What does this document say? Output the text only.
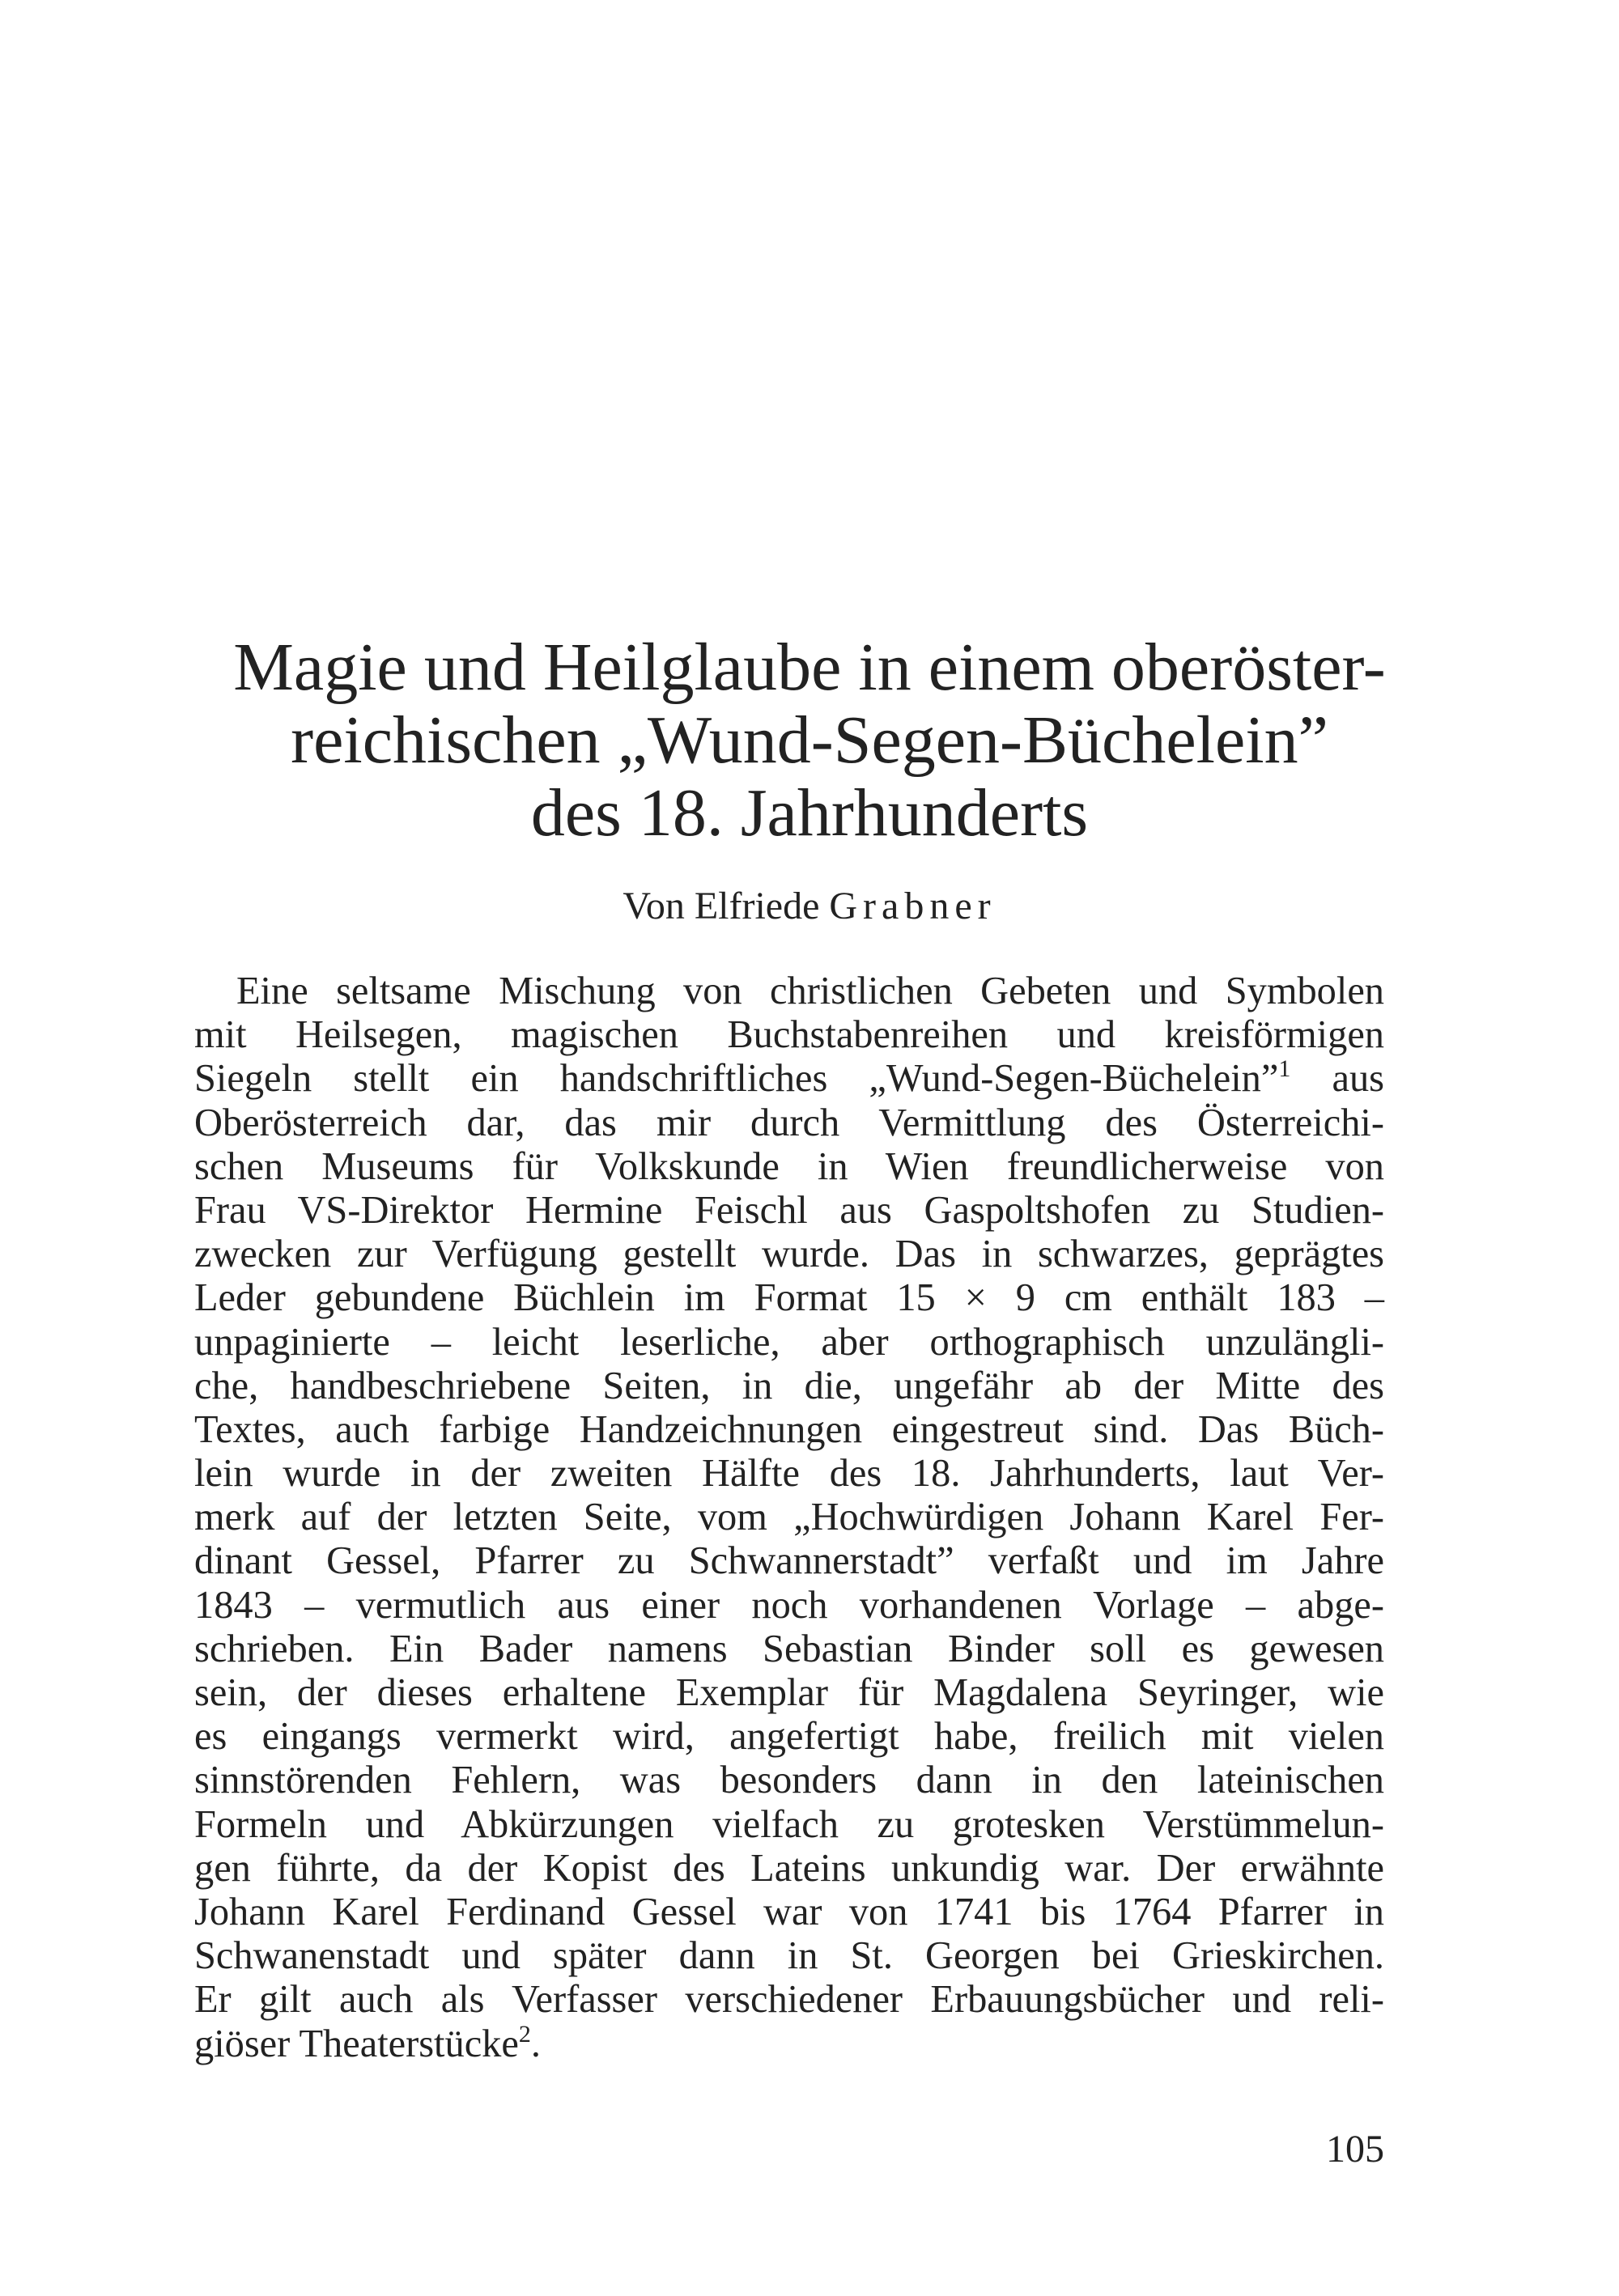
Magie und Heilglaube in einem oberöster-
reichischen „Wund-Segen-Bücheleinˮ
des 18. Jahrhunderts
Von Elfriede Grabner
Eine seltsame Mischung von christlichen Gebeten und Symbolen
mit Heilsegen, magischen Buchstabenreihen und kreisförmigen
Siegeln stellt ein handschriftliches „Wund-Segen-Bücheleinˮ$^1$ aus
Oberösterreich dar, das mir durch Vermittlung des Österreichi-
schen Museums für Volkskunde in Wien freundlicherweise von
Frau VS-Direktor Hermine Feischl aus Gaspoltshofen zu Studien-
zwecken zur Verfügung gestellt wurde. Das in schwarzes, geprägtes
Leder gebundene Büchlein im Format 15 × 9 cm enthält 183 –
unpaginierte – leicht leserliche, aber orthographisch unzulängli-
che, handbeschriebene Seiten, in die, ungefähr ab der Mitte des
Textes, auch farbige Handzeichnungen eingestreut sind. Das Büch-
lein wurde in der zweiten Hälfte des 18. Jahrhunderts, laut Ver-
merk auf der letzten Seite, vom „Hochwürdigen Johann Karel Fer-
dinant Gessel, Pfarrer zu Schwannerstadtˮ verfaßt und im Jahre
1843 – vermutlich aus einer noch vorhandenen Vorlage – abge-
schrieben. Ein Bader namens Sebastian Binder soll es gewesen
sein, der dieses erhaltene Exemplar für Magdalena Seyringer, wie
es eingangs vermerkt wird, angefertigt habe, freilich mit vielen
sinnstörenden Fehlern, was besonders dann in den lateinischen
Formeln und Abkürzungen vielfach zu grotesken Verstümmelun-
gen führte, da der Kopist des Lateins unkundig war. Der erwähnte
Johann Karel Ferdinand Gessel war von 1741 bis 1764 Pfarrer in
Schwanenstadt und später dann in St. Georgen bei Grieskirchen.
Er gilt auch als Verfasser verschiedener Erbauungsbücher und reli-
giöser Theaterstücke$^2$.
105
